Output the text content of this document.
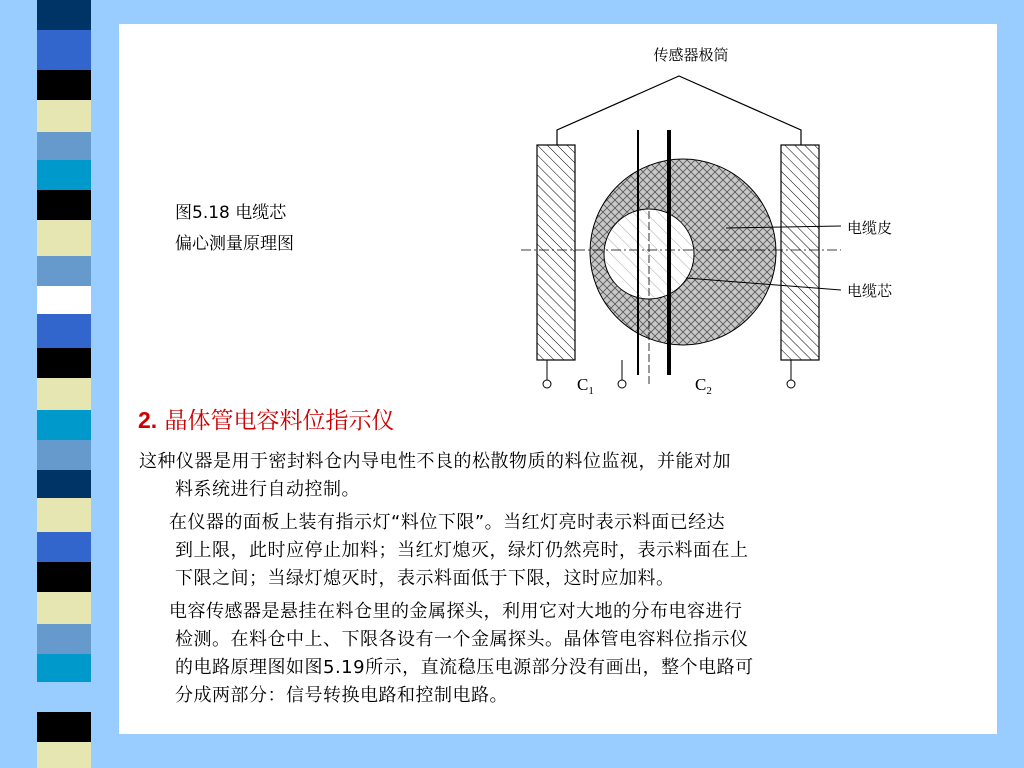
图5.18 电缆芯
偏心测量原理图
传感器极筒
电缆皮
电缆芯
$C_1$	$C_2$
2. 晶体管电容料位指示仪
这种仪器是用于密封料仓内导电性不良的松散物质的料位监视，并能对加
料系统进行自动控制。
在仪器的面板上装有指示灯“料位下限”。当红灯亮时表示料面已经达
到上限，此时应停止加料；当红灯熄灭，绿灯仍然亮时，表示料面在上
下限之间；当绿灯熄灭时，表示料面低于下限，这时应加料。
电容传感器是悬挂在料仓里的金属探头，利用它对大地的分布电容进行
检测。在料仓中上、下限各设有一个金属探头。晶体管电容料位指示仪
的电路原理图如图5.19所示，直流稳压电源部分没有画出，整个电路可
分成两部分：信号转换电路和控制电路。
